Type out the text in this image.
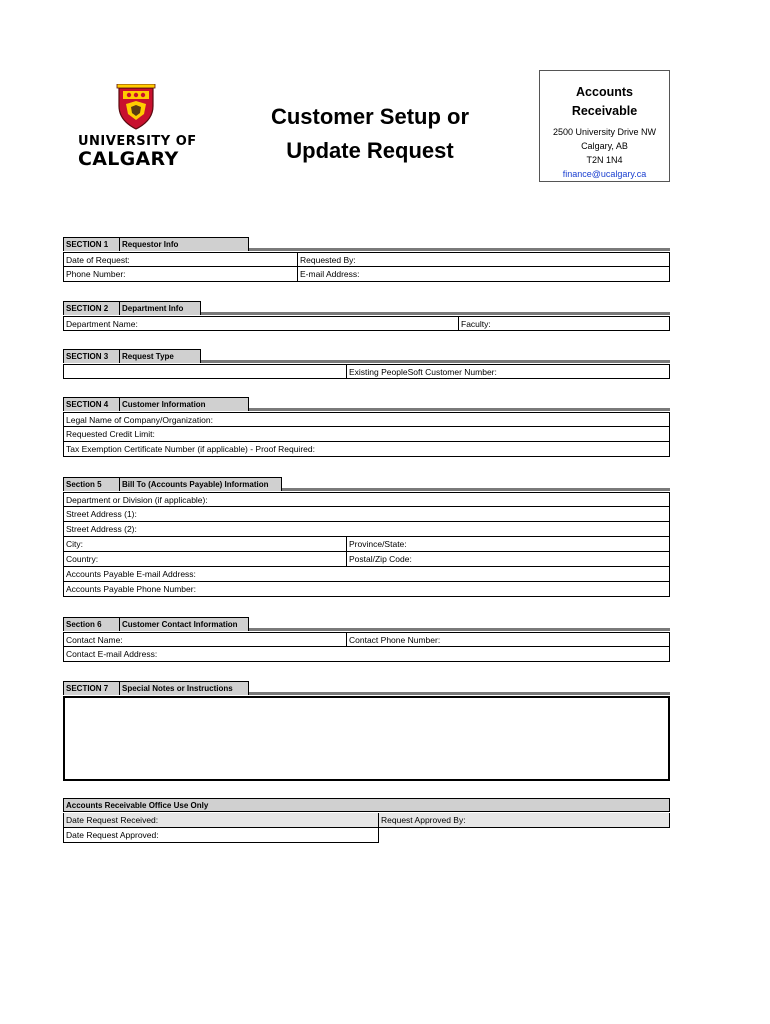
UNIVERSITY OF
CALGARY
Customer Setup or
Update Request
Accounts
Receivable
2500 University Drive NW
Calgary, AB
T2N 1N4
finance@ucalgary.ca
SECTION 1	Requestor Info
Date of Request:	Requested By:
Phone Number:	E-mail Address:
SECTION 2	Department Info
Department Name:	Faculty:
SECTION 3	Request Type
Existing PeopleSoft Customer Number:
SECTION 4	Customer Information
Legal Name of Company/Organization:
Requested Credit Limit:
Tax Exemption Certificate Number (if applicable) - Proof Required:
Section 5	Bill To (Accounts Payable) Information
Department or Division (if applicable):
Street Address (1):
Street Address (2):
City:	Province/State:
Country:	Postal/Zip Code:
Accounts Payable E-mail Address:
Accounts Payable Phone Number:
Section 6	Customer Contact Information
Contact Name:	Contact Phone Number:
Contact E-mail Address:
SECTION 7	Special Notes or Instructions
Accounts Receivable Office Use Only
Date Request Received:	Request Approved By:
Date Request Approved:
